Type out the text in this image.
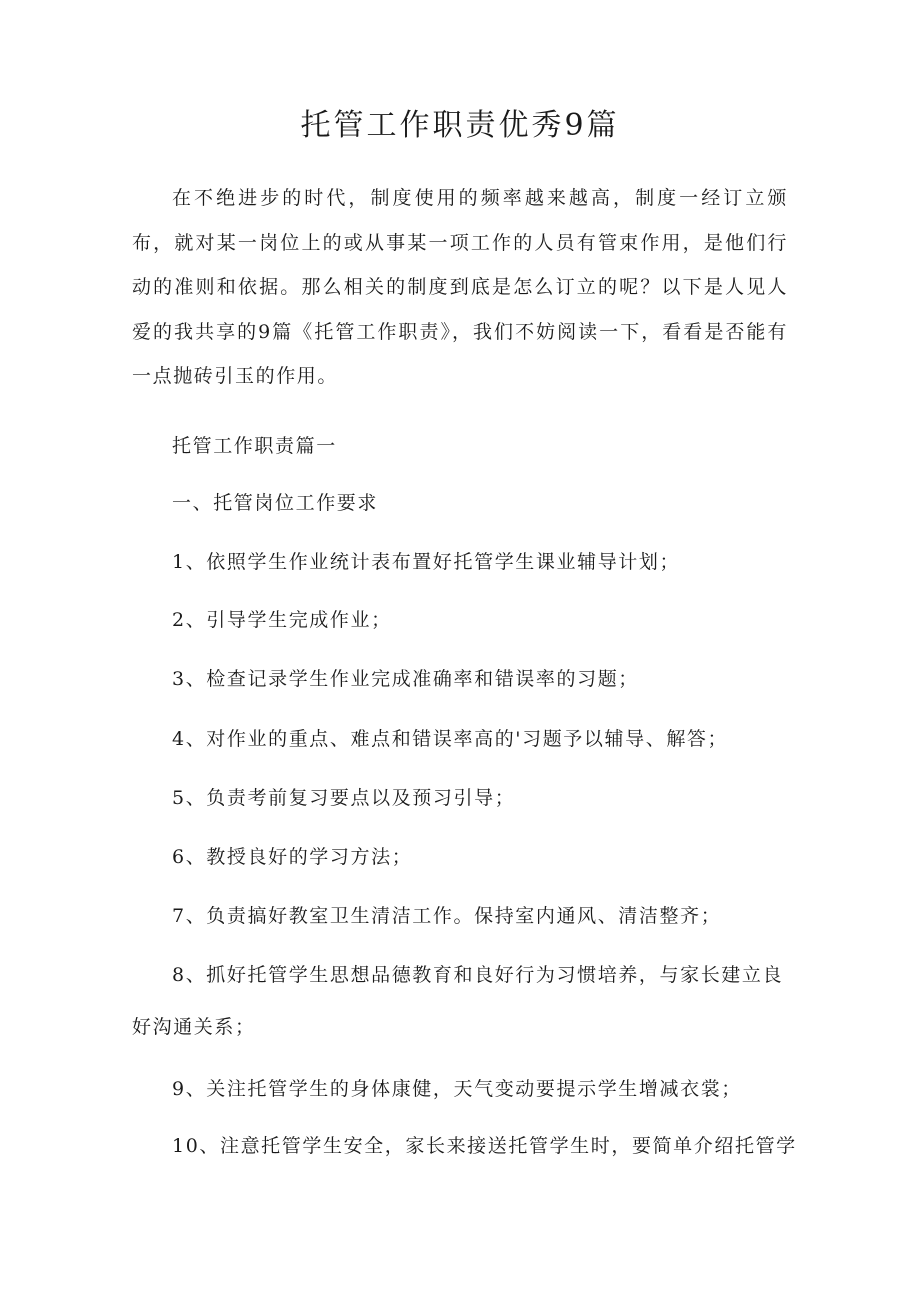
托管工作职责优秀9篇

在不绝进步的时代，制度使用的频率越来越高，制度一经订立颁布，就对某一岗位上的或从事某一项工作的人员有管束作用，是他们行动的准则和依据。那么相关的制度到底是怎么订立的呢？以下是人见人爱的我共享的9篇《托管工作职责》，我们不妨阅读一下，看看是否能有一点抛砖引玉的作用。

托管工作职责篇一
一、托管岗位工作要求
1、依照学生作业统计表布置好托管学生课业辅导计划；
2、引导学生完成作业；
3、检查记录学生作业完成准确率和错误率的习题；
4、对作业的重点、难点和错误率高的'习题予以辅导、解答；
5、负责考前复习要点以及预习引导；
6、教授良好的学习方法；
7、负责搞好教室卫生清洁工作。保持室内通风、清洁整齐；
8、抓好托管学生思想品德教育和良好行为习惯培养，与家长建立良
好沟通关系；
9、关注托管学生的身体康健，天气变动要提示学生增减衣裳；
10、注意托管学生安全，家长来接送托管学生时，要简单介绍托管学
